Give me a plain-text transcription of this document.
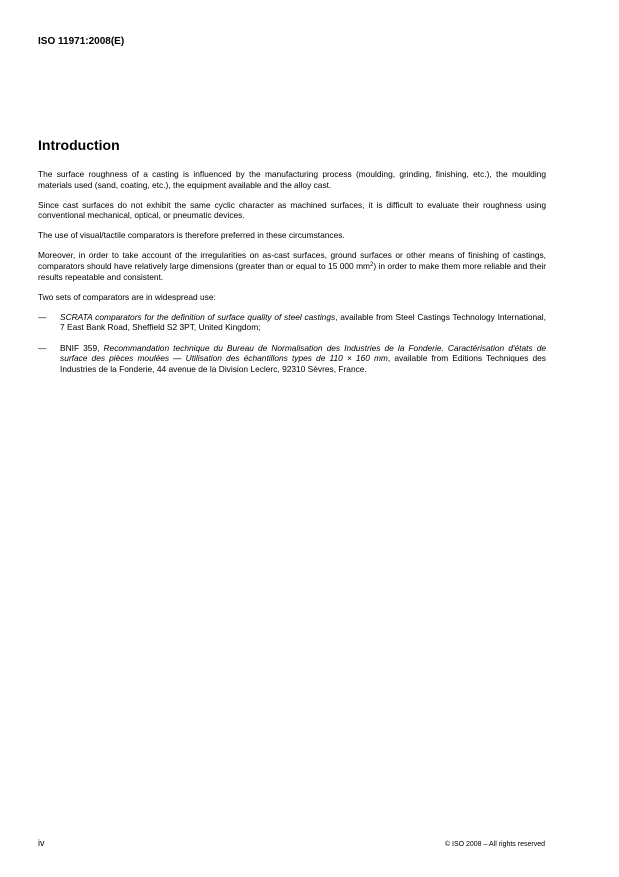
ISO 11971:2008(E)
Introduction

The surface roughness of a casting is influenced by the manufacturing process (moulding, grinding, finishing, etc.), the moulding materials used (sand, coating, etc.), the equipment available and the alloy cast.

Since cast surfaces do not exhibit the same cyclic character as machined surfaces, it is difficult to evaluate their roughness using conventional mechanical, optical, or pneumatic devices.

The use of visual/tactile comparators is therefore preferred in these circumstances.

Moreover, in order to take account of the irregularities on as-cast surfaces, ground surfaces or other means of finishing of castings, comparators should have relatively large dimensions (greater than or equal to 15 000 $mm^2$) in order to make them more reliable and their results repeatable and consistent.

Two sets of comparators are in widespread use:

— SCRATA comparators for the definition of surface quality of steel castings, available from Steel Castings Technology International, 7 East Bank Road, Sheffield S2 3PT, United Kingdom;
— BNIF 359, Recommandation technique du Bureau de Normalisation des Industries de la Fonderie. Caractérisation d'états de surface des pièces moulées — Utilisation des échantillons types de 110 × 160 mm, available from Editions Techniques des Industries de la Fonderie, 44 avenue de la Division Leclerc, 92310 Sèvres, France.
iv	© ISO 2008 – All rights reserved
